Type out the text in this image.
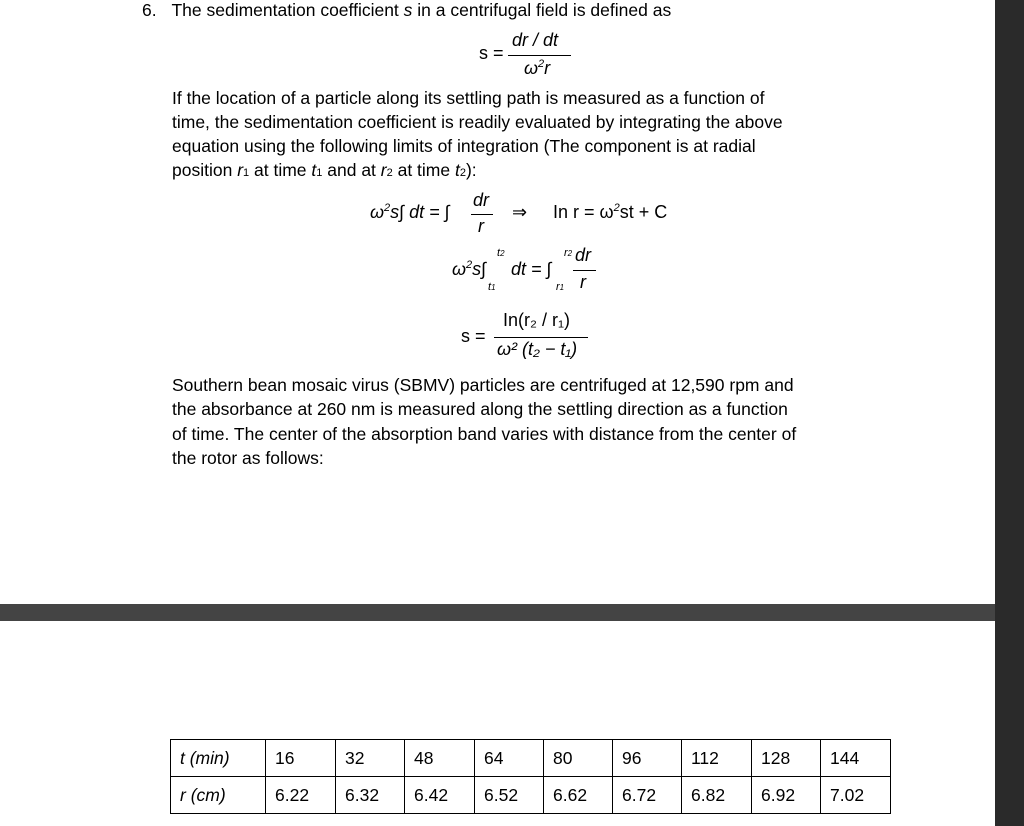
6. The sedimentation coefficient s in a centrifugal field is defined as
s =
dr / dt
$\omega^2r$
If the location of a particle along its settling path is measured as a function of
time, the sedimentation coefficient is readily evaluated by integrating the above
equation using the following limits of integration (The component is at radial
position r1 at time t1 and at r2 at time t2):
$\omega^2s\int$ dt = ∫
dr
r
⇒ In $r = \omega^2st + C$
$\omega^2s\int$
t2
t1
dt = ∫
r2
r1
dr
r
s =
In(r₂ / r₁)
ω² (t₂ − t₁)
Southern bean mosaic virus (SBMV) particles are centrifuged at 12,590 rpm and
the absorbance at 260 nm is measured along the settling direction as a function
of time. The center of the absorption band varies with distance from the center of
the rotor as follows:
t (min)	16	32	48	64	80	96	112	128	144
r (cm)	6.22	6.32	6.42	6.52	6.62	6.72	6.82	6.92	7.02
